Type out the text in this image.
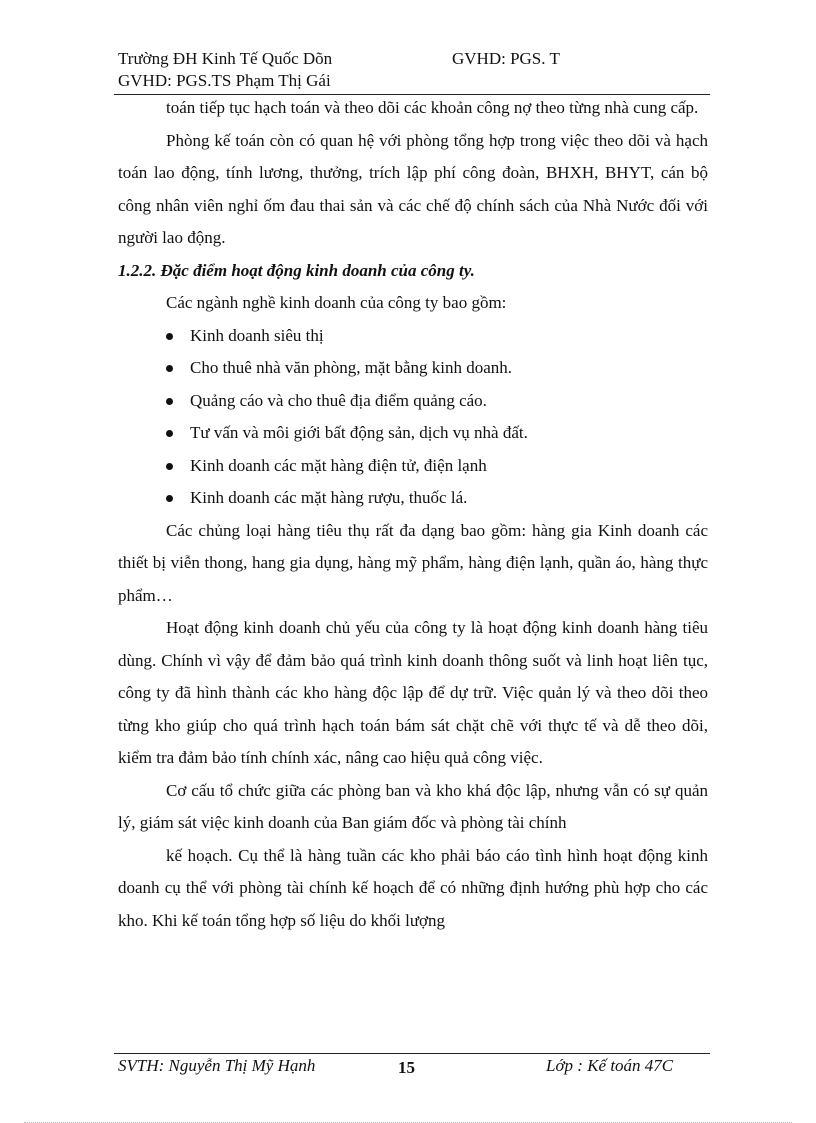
Trường ĐH Kinh Tế Quốc Dõn	GVHD: PGS. T
GVHD: PGS.TS Phạm Thị Gái

toán tiếp tục hạch toán và theo dõi các khoản công nợ theo từng nhà cung cấp.

Phòng kế toán còn có quan hệ với phòng tổng hợp trong việc theo dõi và hạch toán lao động, tính lương, thưởng, trích lập phí công đoàn, BHXH, BHYT, cán bộ công nhân viên nghỉ ốm đau thai sản và các chế độ chính sách của Nhà Nước đối với người lao động.

1.2.2. Đặc điểm hoạt động kinh doanh của công ty.

Các ngành nghề kinh doanh của công ty bao gồm:

Kinh doanh siêu thị

Cho thuê nhà văn phòng, mặt bằng kinh doanh.

Quảng cáo và cho thuê địa điểm quảng cáo.

Tư vấn và môi giới bất động sản, dịch vụ nhà đất.

Kinh doanh các mặt hàng điện tử, điện lạnh

Kinh doanh các mặt hàng rượu, thuốc lá.

Các chủng loại hàng tiêu thụ rất đa dạng bao gồm: hàng gia Kinh doanh các thiết bị viễn thong, hang gia dụng, hàng mỹ phẩm, hàng điện lạnh, quần áo, hàng thực phẩm…

Hoạt động kinh doanh chủ yếu của công ty là hoạt động kinh doanh hàng tiêu dùng. Chính vì vậy để đảm bảo quá trình kinh doanh thông suốt và linh hoạt liên tục, công ty đã hình thành các kho hàng độc lập để dự trữ. Việc quản lý và theo dõi theo từng kho giúp cho quá trình hạch toán bám sát chặt chẽ với thực tế và dễ theo dõi, kiểm tra đảm bảo tính chính xác, nâng cao hiệu quả công việc.

Cơ cấu tổ chức giữa các phòng ban và kho khá độc lập, nhưng vẫn có sự quản lý, giám sát việc kinh doanh của Ban giám đốc và phòng tài chính

kế hoạch. Cụ thể là hàng tuần các kho phải báo cáo tình hình hoạt động kinh doanh cụ thể với phòng tài chính kế hoạch để có những định hướng phù hợp cho các kho. Khi kế toán tổng hợp số liệu do khối lượng

SVTH: Nguyễn Thị Mỹ Hạnh	15	Lớp : Kế toán 47C
